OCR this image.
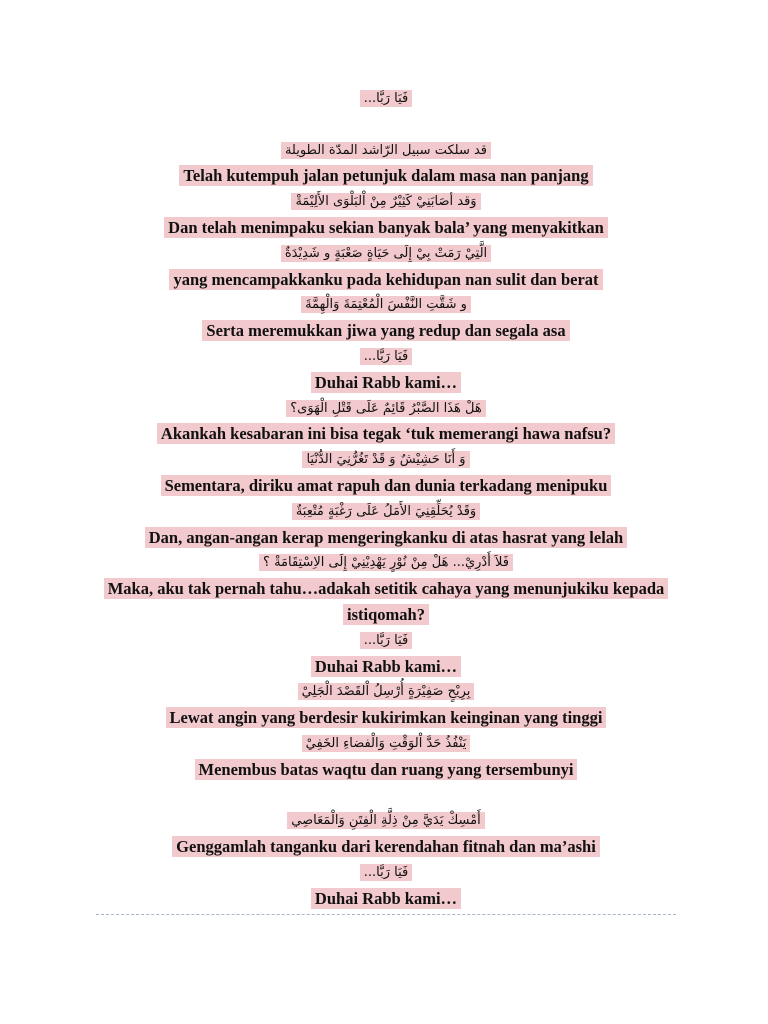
فَيَا رَبَّا...

قد سلكت سبيل الرّاشد المدّة الطويلة

Telah kutempuh jalan petunjuk dalam masa nan panjang

وَقد أصَابَنِيْ كَثِيْرٌ مِنْ اْلبَلْوَى الأَلِيْمَةْ

Dan telah menimpaku sekian banyak bala’ yang menyakitkan

الَّتِيْ رَمَتْ بِيْ إِلَى حَيَاةٍ صَعْبَةٍ و شَدِيْدَةٌ

yang mencampakkanku pada kehidupan nan sulit dan berat

و شَقَّتِ النَّفْسَ الْمُعْتِمَةَ وَالْهِمَّةَ

Serta meremukkan jiwa yang redup dan segala asa

فَيَا رَبَّا...

Duhai Rabb kami…

هَلْ هَذَا الصَّبْرُ قَائِمٌ عَلَى قَتْلِ الْهَوَى؟

Akankah kesabaran ini bisa tegak ‘tuk memerangi hawa nafsu?

وَ أَنَا حَشِيْشٌ وَ قَدْ تَغُرُّنِيَ الدُّنْيَا

Sementara, diriku amat rapuh dan dunia terkadang menipuku

وَقَدْ يُحَلِّقِنِيَ الأَمَلُ عَلَى رَغْبَةٍ مُتْعِبَةٌ

Dan, angan-angan kerap mengeringkanku di atas hasrat yang lelah

فَلاَ أَدْرِيْ... هَلْ مِنْ نُوْرٍ يَهْدِيْنِيْ إِلَى الاِسْتِقَامَةْ ؟

Maka, aku tak pernah tahu…adakah setitik cahaya yang menunjukiku kepada istiqomah?

فَيَا رَبَّا...

Duhai Rabb kami…

بِرِيْحٍ صَفِيْرَةٍ أُرْسِلُ اْلقَصْدَ الْجَلِيْ

Lewat angin yang berdesir kukirimkan keinginan yang tinggi

يَنْفُذُ حَدَّ اْلوَقْتِ وَالْفضاءِ الخَفِيْ

Menembus batas waqtu dan ruang yang tersembunyi

أَمْسِكْ يَدَيَّ مِنْ ذِلَّةِ الْفِتَنِ وَالْمَعَاصِي

Genggamlah tanganku dari kerendahan fitnah dan ma’ashi

فَيَا رَبَّا...

Duhai Rabb kami…
